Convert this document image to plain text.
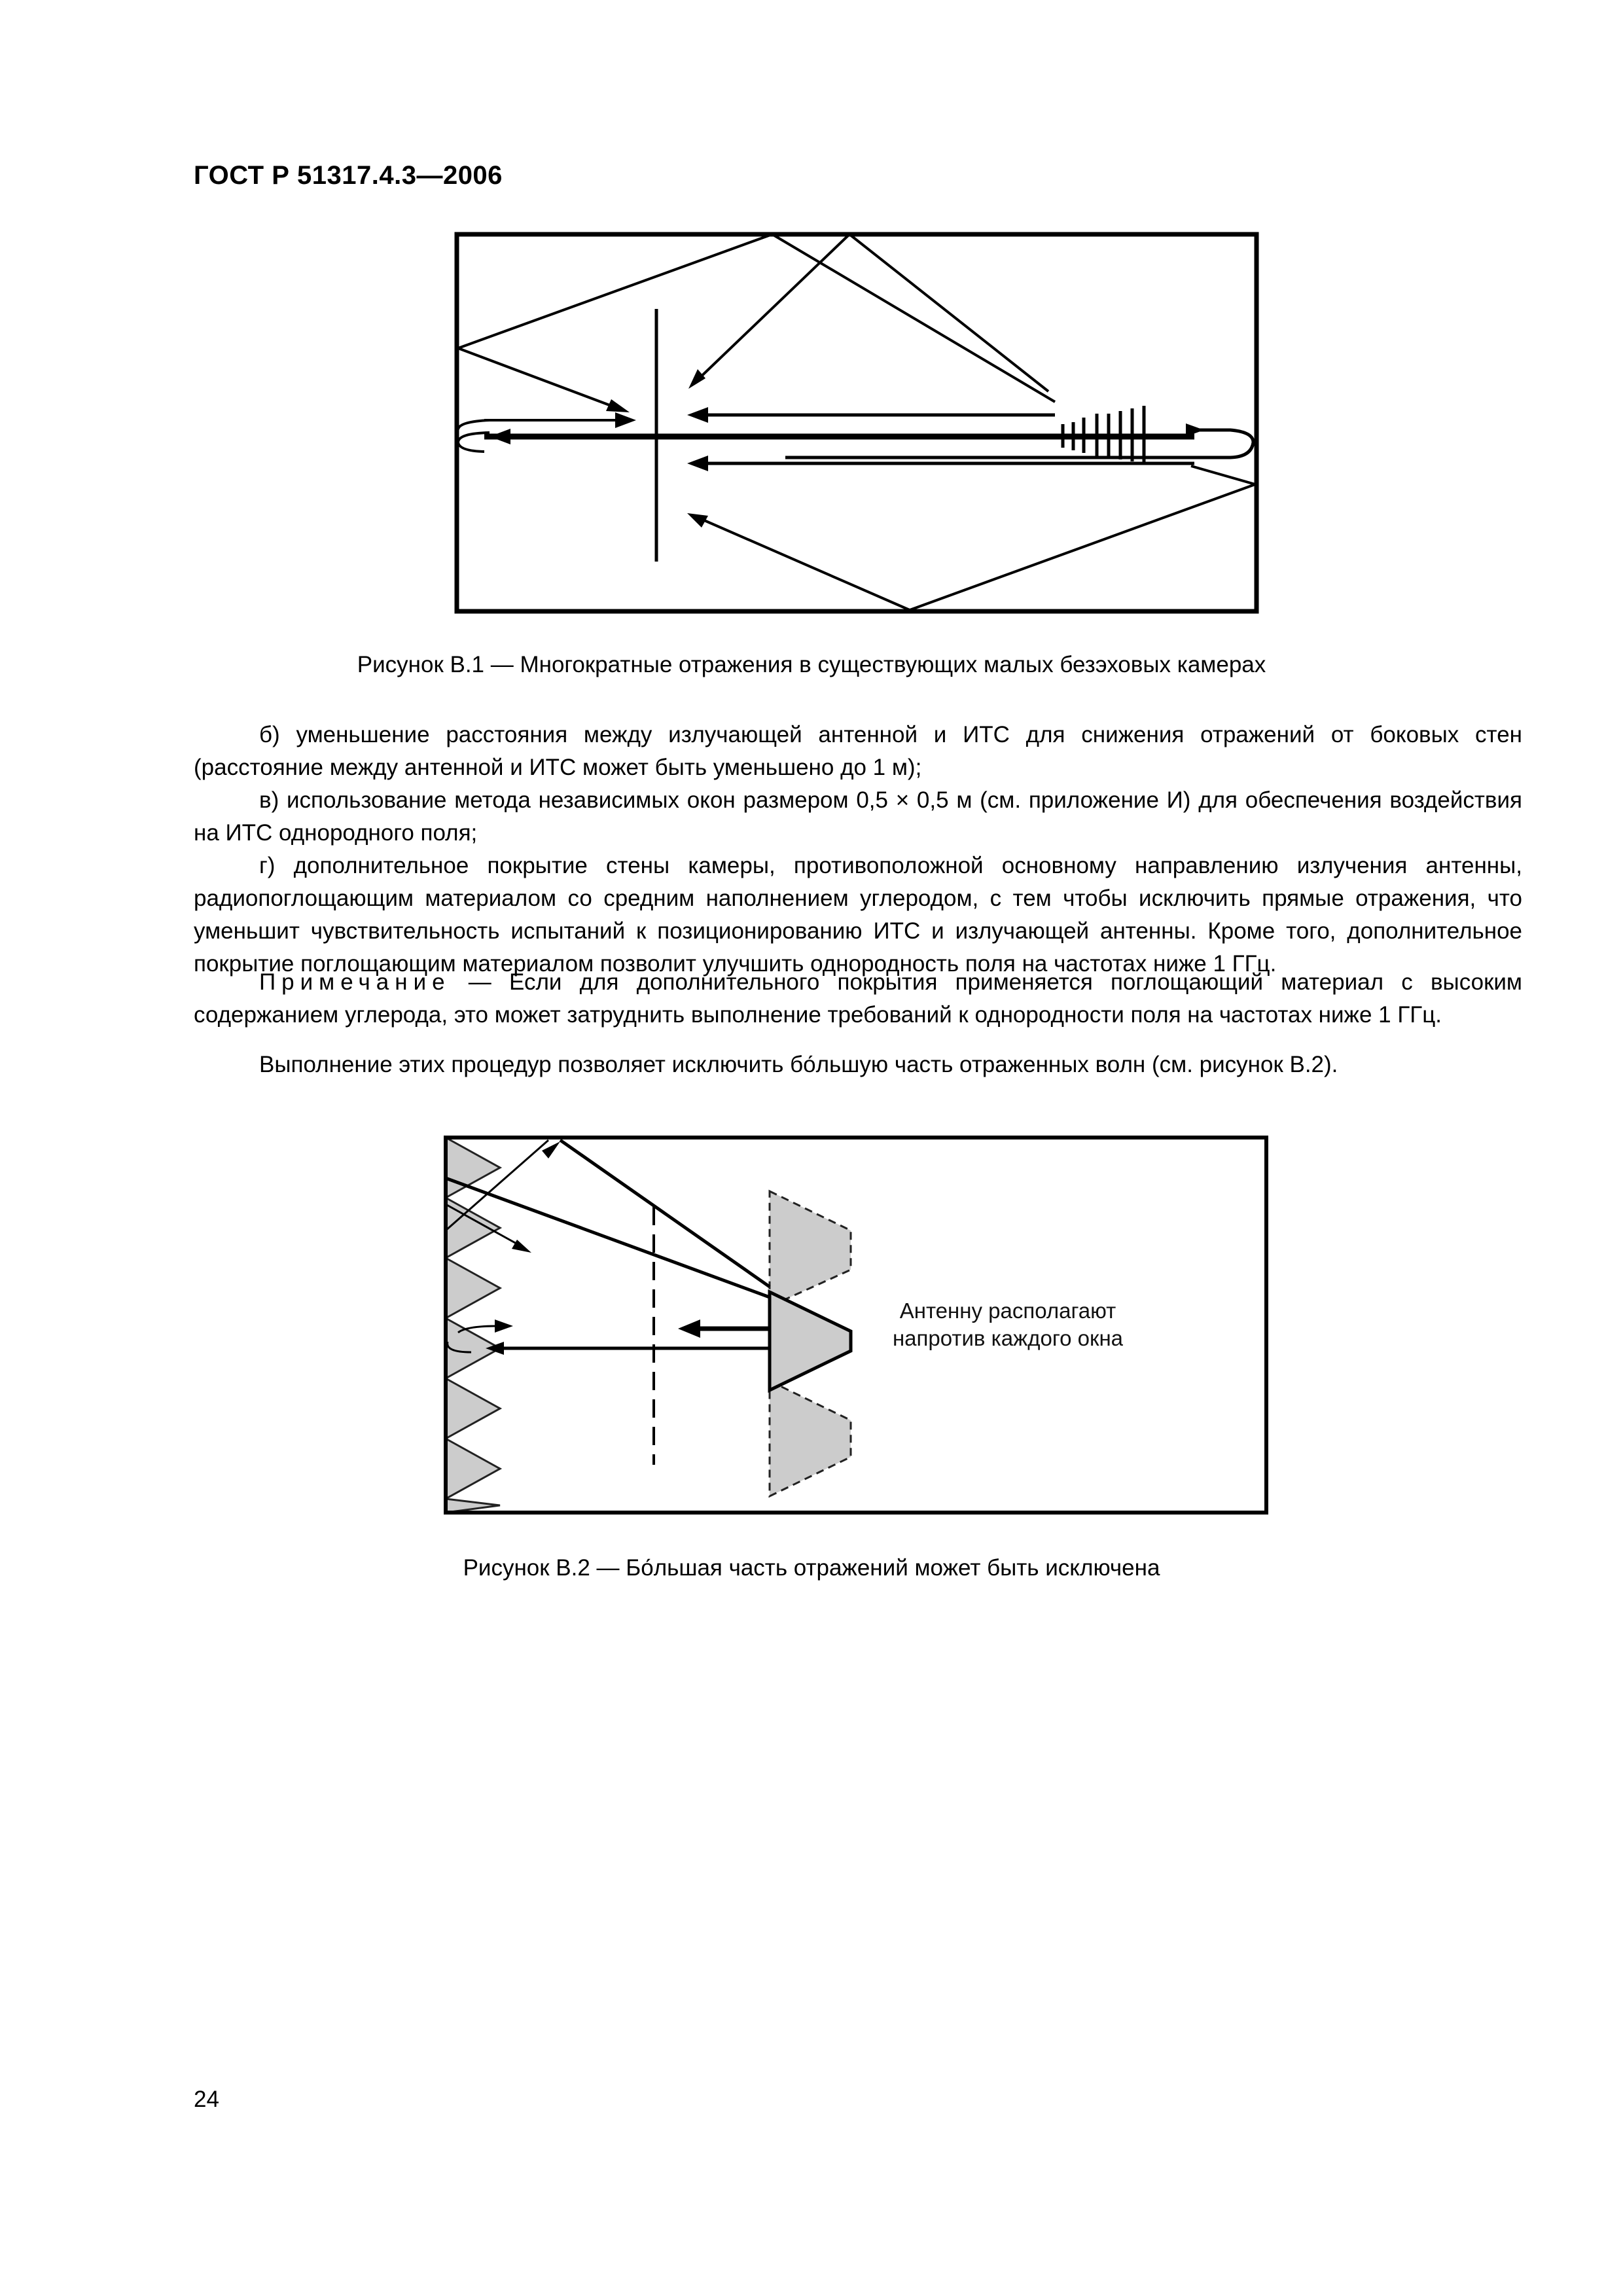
ГОСТ Р 51317.4.3—2006
Рисунок В.1 — Многократные отражения в существующих малых безэховых камерах

б) уменьшение расстояния между излучающей антенной и ИТС для снижения отражений от боковых стен (расстояние между антенной и ИТС может быть уменьшено до 1 м);

в) использование метода независимых окон размером 0,5 × 0,5 м (см. приложение И) для обеспечения воздействия на ИТС однородного поля;

г) дополнительное покрытие стены камеры, противоположной основному направлению излучения антенны, радиопоглощающим материалом со средним наполнением углеродом, с тем чтобы исключить прямые отражения, что уменьшит чувствительность испытаний к позиционированию ИТС и излучающей антенны. Кроме того, дополнительное покрытие поглощающим материалом позволит улучшить однородность поля на частотах ниже 1 ГГц.

Примечание — Если для дополнительного покрытия применяется поглощающий материал с высоким содержанием углерода, это может затруднить выполнение требований к однородности поля на частотах ниже 1 ГГц.

Выполнение этих процедур позволяет исключить бо́льшую часть отраженных волн (см. рисунок В.2).

Антенну располагают
напротив каждого окна
Рисунок В.2 — Бо́льшая часть отражений может быть исключена
24
